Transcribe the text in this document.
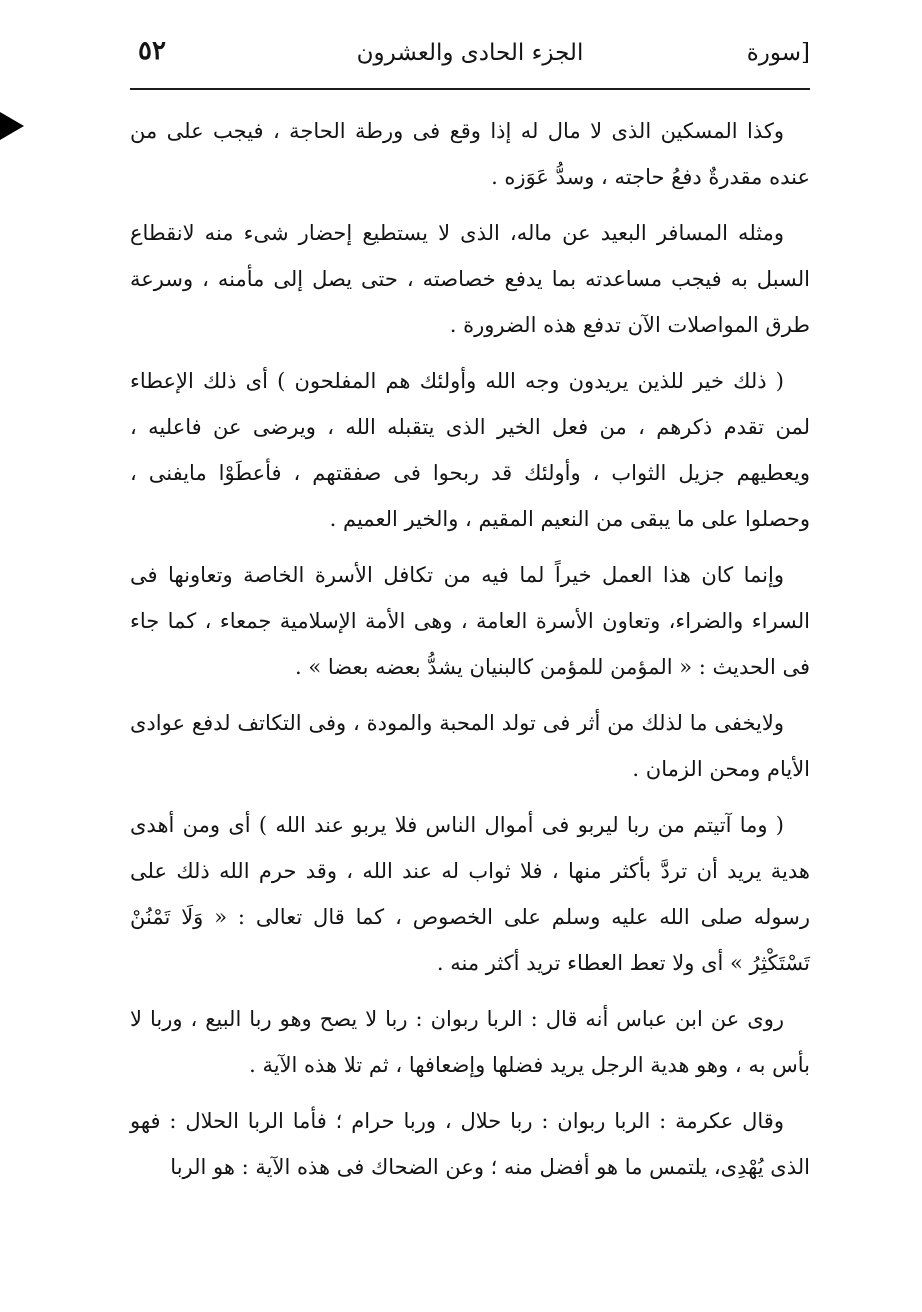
٥٢	الجزء الحادى والعشرون	[سورة

وكذا المسكين الذى لا مال له إذا وقع فى ورطة الحاجة ، فيجب على من عنده مقدرةٌ دفعُ حاجته ، وسدُّ عَوَزه .

ومثله المسافر البعيد عن ماله، الذى لا يستطيع إحضار شىء منه لانقطاع السبل به فيجب مساعدته بما يدفع خصاصته ، حتى يصل إلى مأمنه ، وسرعة طرق المواصلات الآن تدفع هذه الضرورة .

( ذلك خير للذين يريدون وجه الله وأولئك هم المفلحون ) أى ذلك الإعطاء لمن تقدم ذكرهم ، من فعل الخير الذى يتقبله الله ، ويرضى عن فاعليه ، ويعطيهم جزيل الثواب ، وأولئك قد ربحوا فى صفقتهم ، فأعطَوْا مايفنى ، وحصلوا على ما يبقى من النعيم المقيم ، والخير العميم .

وإنما كان هذا العمل خيراً لما فيه من تكافل الأسرة الخاصة وتعاونها فى السراء والضراء، وتعاون الأسرة العامة ، وهى الأمة الإسلامية جمعاء ، كما جاء فى الحديث : « المؤمن للمؤمن كالبنيان يشدُّ بعضه بعضا » .

ولايخفى ما لذلك من أثر فى تولد المحبة والمودة ، وفى التكاتف لدفع عوادى الأيام ومحن الزمان .

( وما آتيتم من ربا ليربو فى أموال الناس فلا يربو عند الله ) أى ومن أهدى هدية يريد أن تردَّ بأكثر منها ، فلا ثواب له عند الله ، وقد حرم الله ذلك على رسوله صلى الله عليه وسلم على الخصوص ، كما قال تعالى : « وَلَا تَمْنُنْ تَسْتَكْثِرُ » أى ولا تعط العطاء تريد أكثر منه .

روى عن ابن عباس أنه قال : الربا ربوان : ربا لا يصح وهو ربا البيع ، وربا لا بأس به ، وهو هدية الرجل يريد فضلها وإضعافها ، ثم تلا هذه الآية .

وقال عكرمة : الربا ربوان : ربا حلال ، وربا حرام ؛ فأما الربا الحلال : فهو الذى يُهْدِى، يلتمس ما هو أفضل منه ؛ وعن الضحاك فى هذه الآية : هو الربا
